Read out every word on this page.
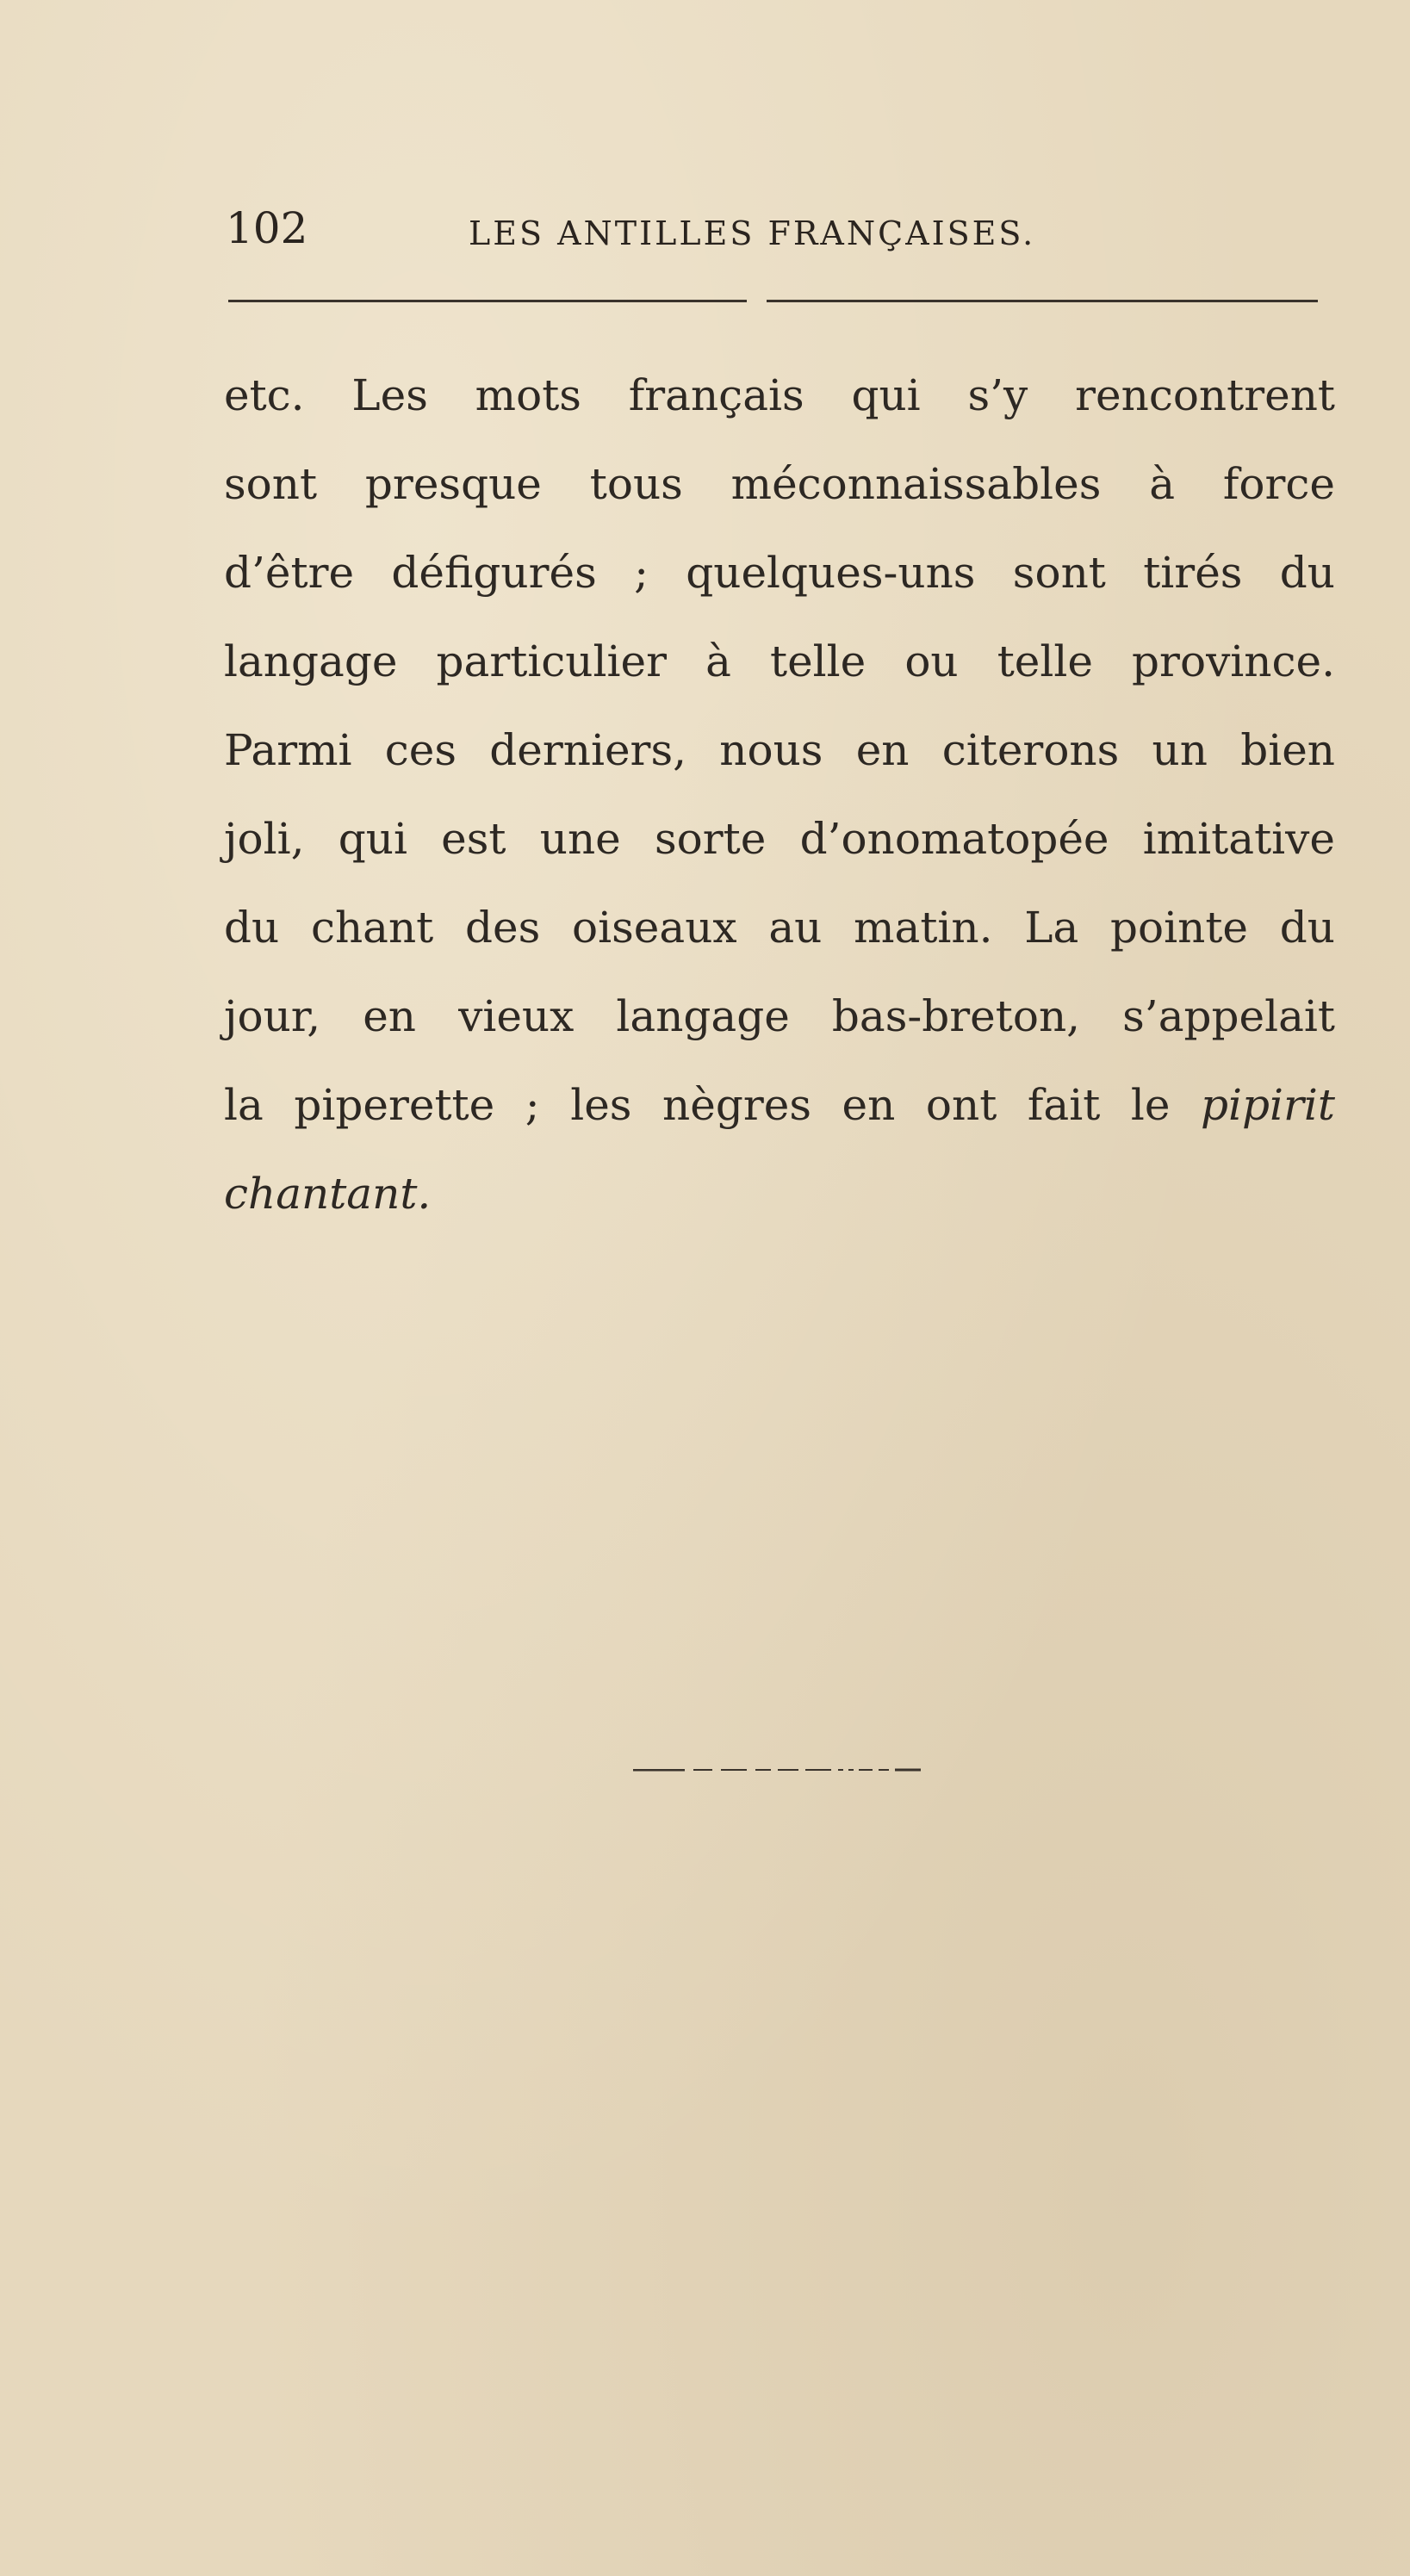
102	LES ANTILLES FRANÇAISES.
etc. Les mots français qui s’y rencontrent
sont presque tous méconnaissables à force
d’être défigurés ; quelques-uns sont tirés du
langage particulier à telle ou telle province.
Parmi ces derniers, nous en citerons un bien
joli, qui est une sorte d’onomatopée imitative
du chant des oiseaux au matin. La pointe du
jour, en vieux langage bas-breton, s’appelait
la piperette ; les nègres en ont fait le pipirit
chantant.
